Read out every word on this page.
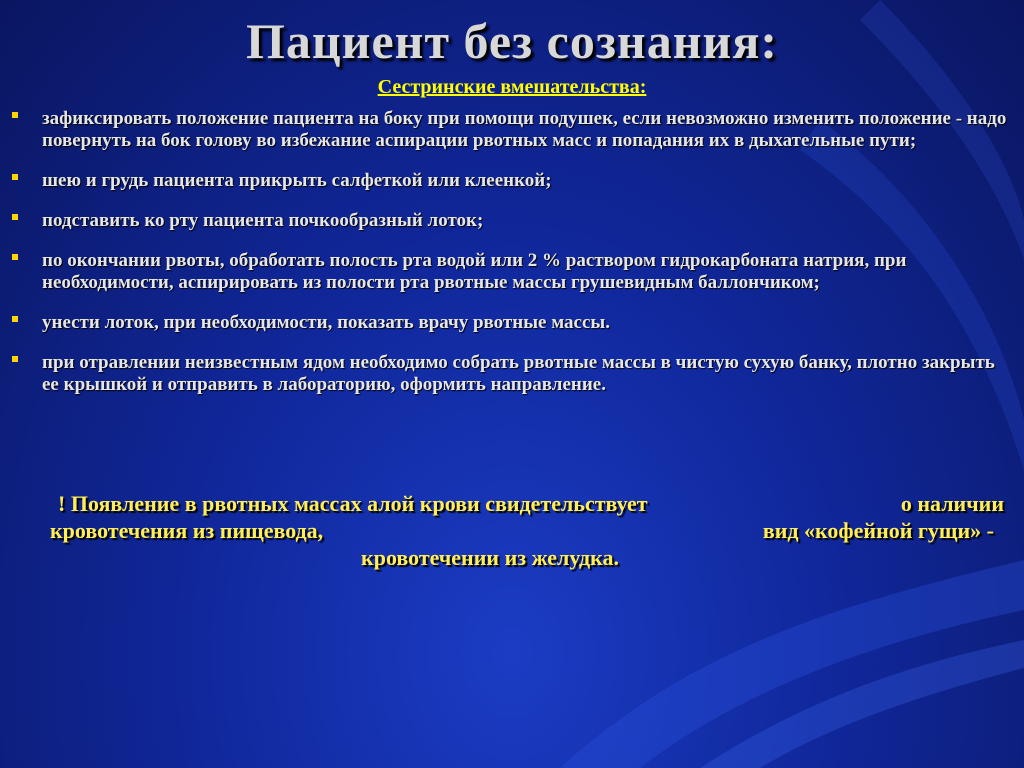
Пациент без сознания:
Сестринские вмешательства:
зафиксировать положение пациента на боку при помощи подушек, если невозможно изменить положение - надо повернуть на бок голову во избежание аспирации рвотных масс и попадания их в дыхательные пути;
шею и грудь пациента прикрыть салфеткой или клеенкой;
подставить ко рту пациента почкообразный лоток;
по окончании рвоты, обработать полость рта водой или 2 % раствором гидрокарбоната натрия, при необходимости, аспирировать из полости рта рвотные массы грушевидным баллончиком;
унести лоток, при необходимости, показать врачу рвотные массы.
при отравлении неизвестным ядом необходимо собрать рвотные массы в чистую сухую банку, плотно закрыть ее крышкой и отправить в лабораторию, оформить направление.
! Появление в рвотных массах алой крови свидетельствует	о наличии
кровотечения из пищевода,	вид «кофейной гущи» -
кровотечении из желудка.
